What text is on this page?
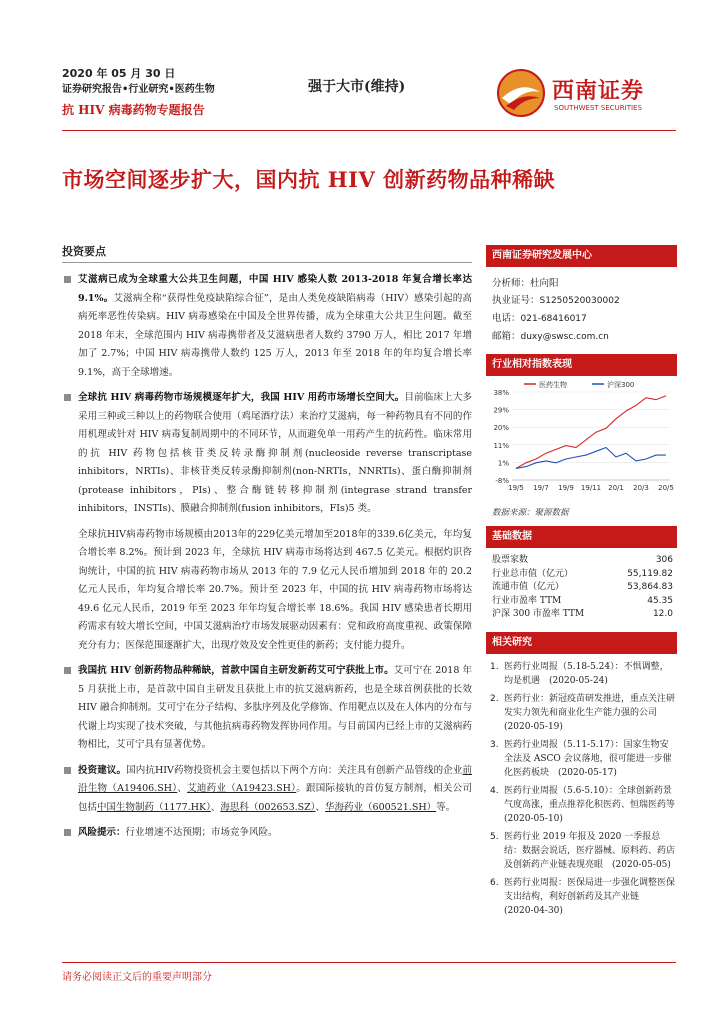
2020 年 05 月 30 日
证券研究报告•行业研究•医药生物
抗 HIV 病毒药物专题报告
强于大市(维持)	西南证券
SOUTHWEST SECURITIES
市场空间逐步扩大，国内抗 HIV 创新药物品种稀缺
投资要点
艾滋病已成为全球重大公共卫生问题，中国 HIV 感染人数 2013-2018 年复合增长率达 9.1%。艾滋病全称“获得性免疫缺陷综合征”，是由人类免疫缺陷病毒（HIV）感染引起的高病死率恶性传染病。HIV 病毒感染在中国及全世界传播，成为全球重大公共卫生问题。截至 2018 年末，全球范围内 HIV 病毒携带者及艾滋病患者人数约 3790 万人，相比 2017 年增加了 2.7%；中国 HIV 病毒携带人数约 125 万人，2013 年至 2018 年的年均复合增长率 9.1%，高于全球增速。
全球抗 HIV 病毒药物市场规模逐年扩大，我国 HIV 用药市场增长空间大。目前临床上大多采用三种或三种以上的药物联合使用（鸡尾酒疗法）来治疗艾滋病，每一种药物具有不同的作用机理或针对 HIV 病毒复制周期中的不同环节，从而避免单一用药产生的抗药性。临床常用的抗 HIV 药物包括核苷类反转录酶抑制剂(nucleoside reverse transcriptase inhibitors，NRTIs)、非核苷类反转录酶抑制剂(non-NRTIs，NNRTIs)、蛋白酶抑制剂(protease inhibitors，PIs)、整合酶链转移抑制剂(integrase strand transfer inhibitors，INSTIs)、膜融合抑制剂(fusion inhibitors，FIs)5 类。
全球抗HIV病毒药物市场规模由2013年的229亿美元增加至2018年的339.6亿美元，年均复合增长率 8.2%。预计到 2023 年，全球抗 HIV 病毒市场将达到 467.5 亿美元。根据灼识咨询统计，中国的抗 HIV 病毒药物市场从 2013 年的 7.9 亿元人民币增加到 2018 年的 20.2 亿元人民币，年均复合增长率 20.7%。预计至 2023 年，中国的抗 HIV 病毒药物市场将达 49.6 亿元人民币，2019 年至 2023 年年均复合增长率 18.6%。我国 HIV 感染患者长期用药需求有较大增长空间，中国艾滋病治疗市场发展驱动因素有：党和政府高度重视、政策保障充分有力；医保范围逐渐扩大，出现疗效及安全性更佳的新药；支付能力提升。
我国抗 HIV 创新药物品种稀缺，首款中国自主研发新药艾可宁获批上市。艾可宁在 2018 年 5 月获批上市，是首款中国自主研发且获批上市的抗艾滋病新药，也是全球首例获批的长效 HIV 融合抑制剂。艾可宁在分子结构、多肽序列及化学修饰、作用靶点以及在人体内的分布与代谢上均实现了技术突破，与其他抗病毒药物发挥协同作用。与目前国内已经上市的艾滋病药物相比，艾可宁具有显著优势。
投资建议。国内抗HIV药物投资机会主要包括以下两个方向：关注具有创新产品管线的企业前沿生物（A19406.SH）、艾迪药业（A19423.SH）。跟国际接轨的首仿复方制剂，相关公司包括中国生物制药（1177.HK）、海思科（002653.SZ）、华海药业（600521.SH）等。
风险提示：行业增速不达预期；市场竞争风险。
西南证券研究发展中心
分析师：杜向阳
执业证号：S1250520030002
电话：021-68416017
邮箱：duxy@swsc.com.cn
行业相对指数表现
38%
29%
20%
11%
1%
-8%
19/5 19/7 19/9 19/11 20/1 20/3 20/5
医药生物	沪深300
数据来源：聚源数据
基础数据
股票家数	306
行业总市值（亿元）	55,119.82
流通市值（亿元）	53,864.83
行业市盈率 TTM	45.35
沪深 300 市盈率 TTM	12.0
相关研究
1. 医药行业周报（5.18-5.24）：不惧调整，均是机遇　(2020-05-24)
2. 医药行业：新冠疫苗研发推进，重点关注研发实力领先和商业化生产能力强的公司　(2020-05-19)
3. 医药行业周报（5.11-5.17）：国家生物安全法及 ASCO 会议落地，很可能进一步催化医药板块　(2020-05-17)
4. 医药行业周报（5.6-5.10）：全球创新药景气度高涨，重点推荐化积医药、恒瑞医药等　(2020-05-10)
5. 医药行业 2019 年报及 2020 一季报总结：数据会说话，医疗器械、原料药、药店及创新药产业链表现亮眼　(2020-05-05)
6. 医药行业周报：医保局进一步强化调整医保支出结构，利好创新药及其产业链　(2020-04-30)
请务必阅读正文后的重要声明部分
